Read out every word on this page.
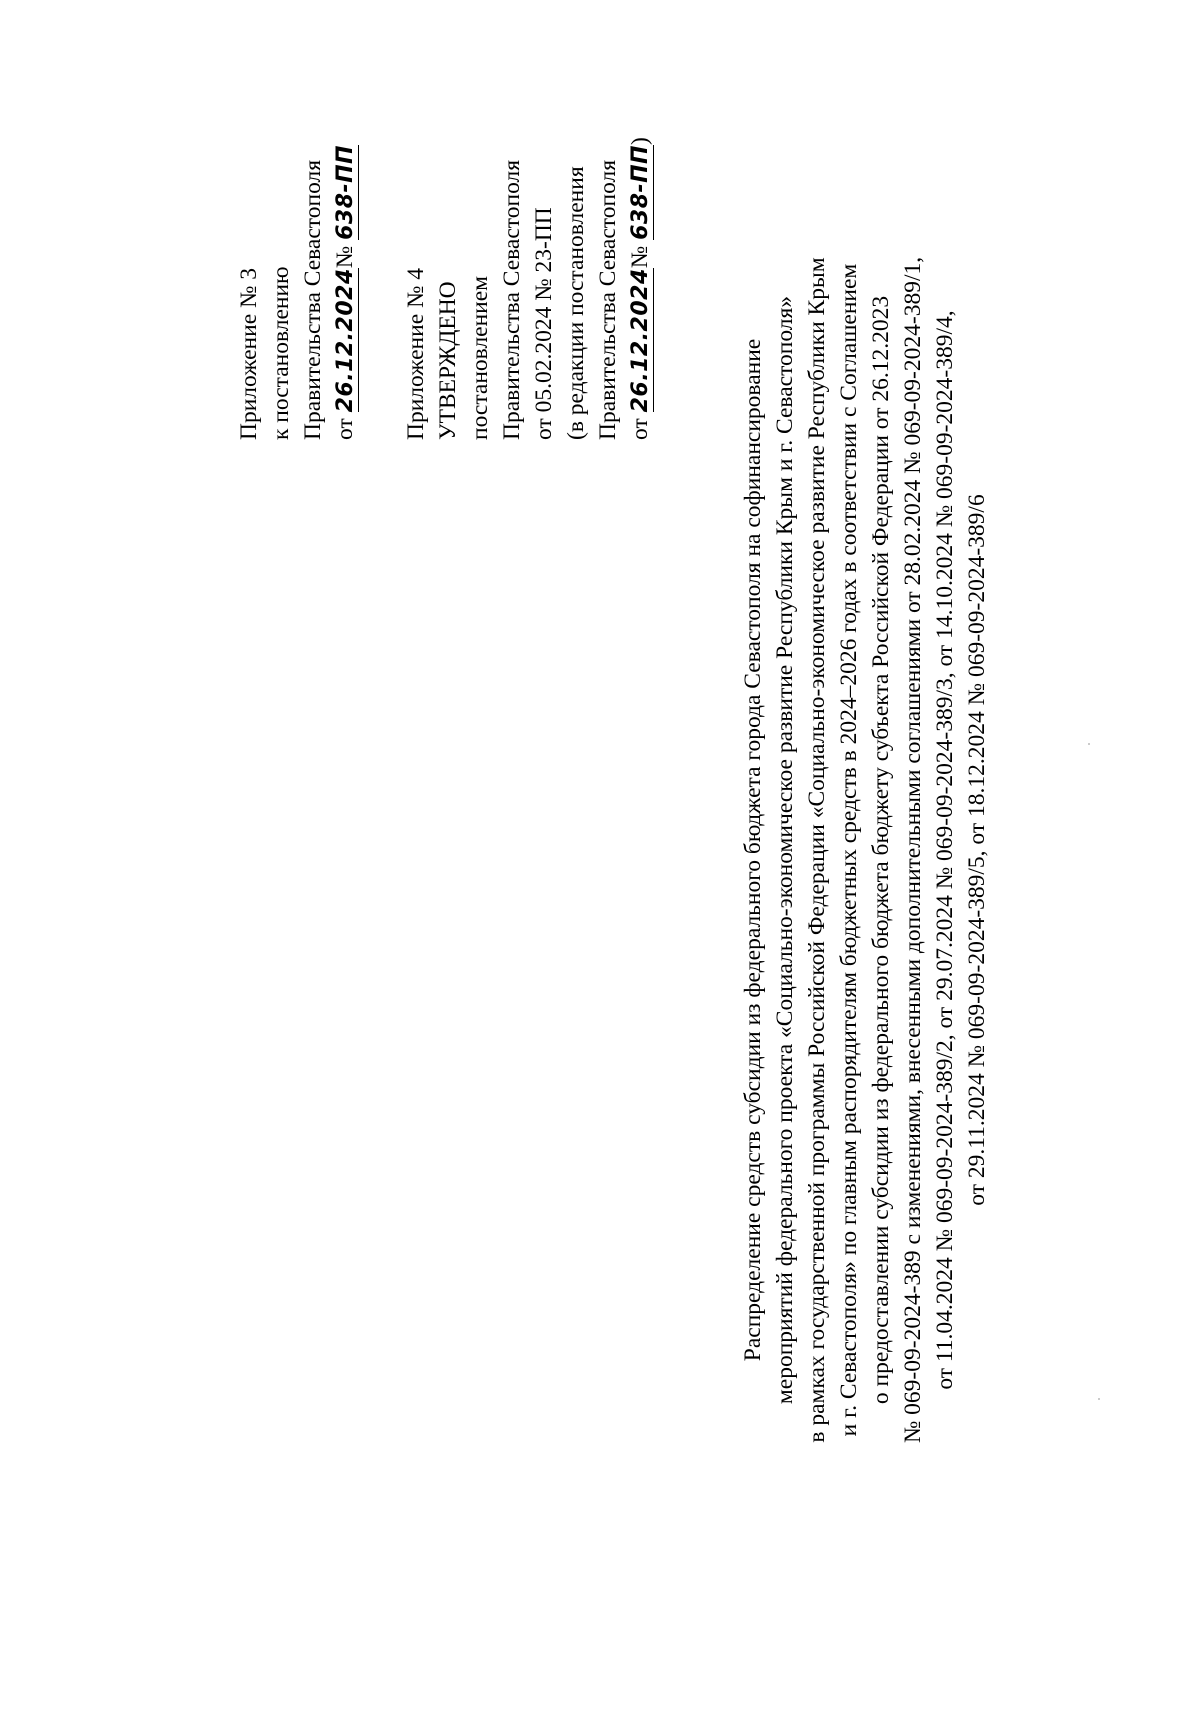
Приложение № 3 к постановлению Правительства Севастополя от 26.12.2024№ 638-ПП
Приложение № 4 УТВЕРЖДЕНО постановлением Правительства Севастополя от 05.02.2024 № 23-ПП (в редакции постановления Правительства Севастополя от 26.12.2024№ 638-ПП)
Распределение средств субсидии из федерального бюджета города Севастополя на софинансирование мероприятий федерального проекта «Социально-экономическое развитие Республики Крым и г. Севастополя» в рамках государственной программы Российской Федерации «Социально-экономическое развитие Республики Крым и г. Севастополя» по главным распорядителям бюджетных средств в 2024–2026 годах в соответствии с Соглашением о предоставлении субсидии из федерального бюджета бюджету субъекта Российской Федерации от 26.12.2023 № 069-09-2024-389 с изменениями, внесенными дополнительными соглашениями от 28.02.2024 № 069-09-2024-389/1, от 11.04.2024 № 069-09-2024-389/2, от 29.07.2024 № 069-09-2024-389/3, от 14.10.2024 № 069-09-2024-389/4, от 29.11.2024 № 069-09-2024-389/5, от 18.12.2024 № 069-09-2024-389/6
